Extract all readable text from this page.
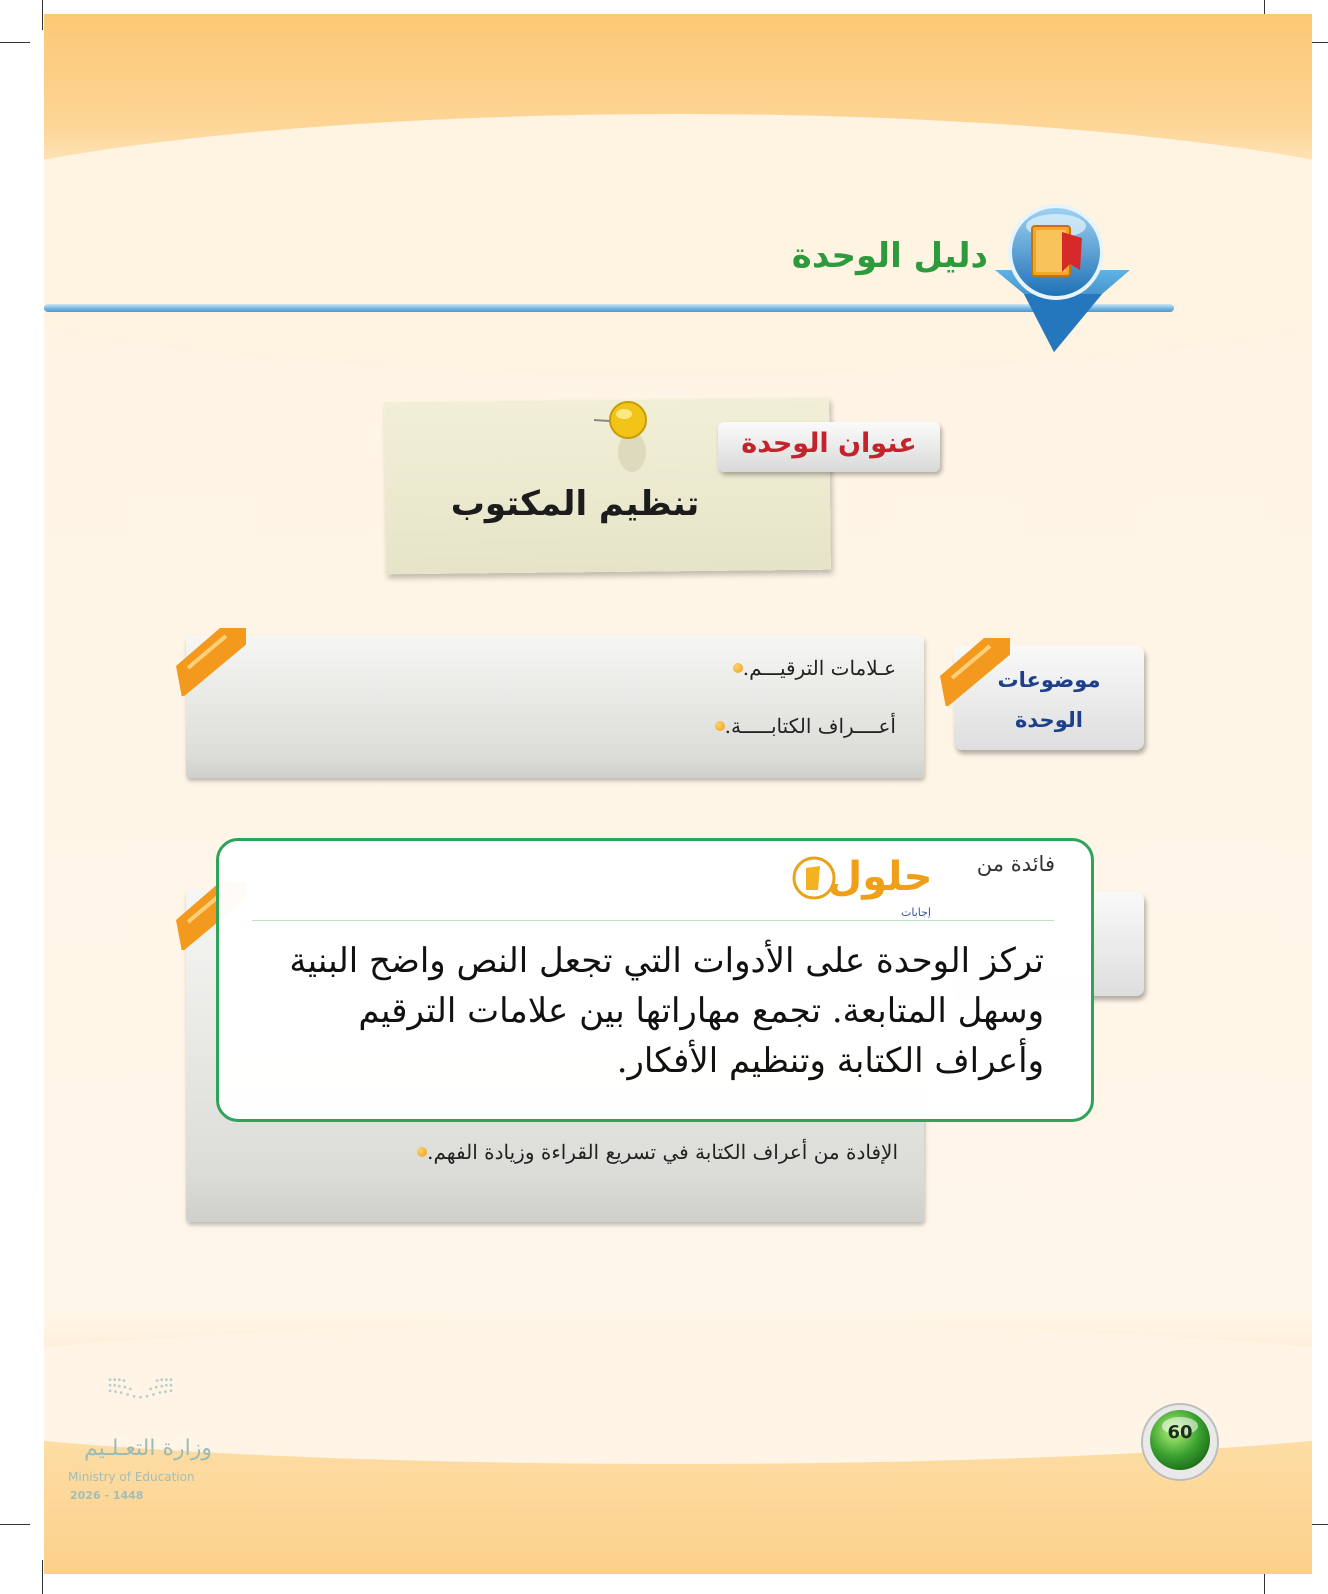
دليل الوحدة
عنوان الوحدة
تنظيم المكتوب
عـلامات الترقيـــم.
أعــــراف الكتابـــــة.
موضوعات
الوحدة
الإفادة من أعراف الكتابة في تسريع القراءة وزيادة الفهم.
فائدة من
حلول
إجابات
تركز الوحدة على الأدوات التي تجعل النص واضح البنية وسهل المتابعة. تجمع مهاراتها بين علامات الترقيم وأعراف الكتابة وتنظيم الأفكار.
60
وزارة التعـلـيم
Ministry of Education
2026 - 1448
